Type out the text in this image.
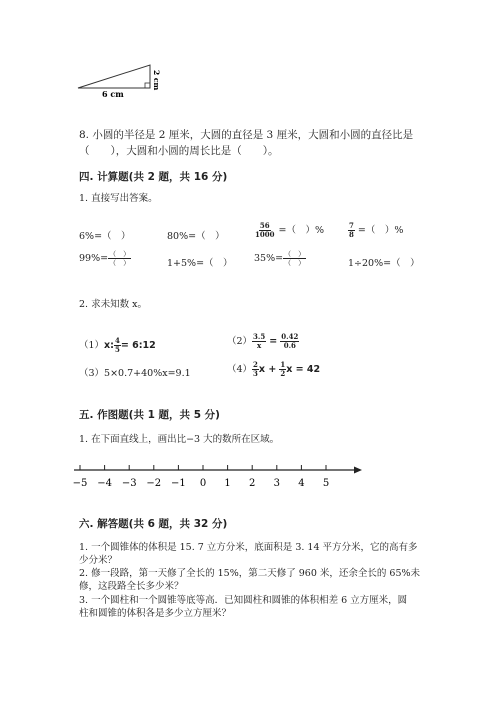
6 cm
2 cm
8. 小圆的半径是 2 厘米，大圆的直径是 3 厘米，大圆和小圆的直径比是
（　　），大圆和小圆的周长比是（　　）。
四. 计算题(共 2 题，共 16 分)
1. 直接写出答案。
6%=（　）	80%=（　）	$\frac{56}{1000}$ =（　）%	$\frac{7}{8}$ =（　）%
$99\%= \frac{( )}{( )}$	1+5%=（　） $35\%= \frac{( )}{( )}$	1÷20%=（　）
2. 求未知数 x。
（1）x: $\frac{4}{5}$ = 6:12	$(2) \frac{3.5}{x} = \frac{0.42}{0.6}$
（3）5×0.7+40%x=9.1	$(4) \frac{2}{3}$ $x + \frac{1}{2}$ x = 42
五. 作图题(共 1 题，共 5 分)
1. 在下面直线上，画出比−3 大的数所在区域。
−5 −4 −3 −2 −1 0 1 2 3 4 5
六. 解答题(共 6 题，共 32 分)
1. 一个圆锥体的体积是 15. 7 立方分米，底面积是 3. 14 平方分米，它的高有多
少分米？
2. 修一段路，第一天修了全长的 15%，第二天修了 960 米，还余全长的 65%未
修，这段路全长多少米？
3. 一个圆柱和一个圆锥等底等高．已知圆柱和圆锥的体积相差 6 立方厘米，圆
柱和圆锥的体积各是多少立方厘米？
